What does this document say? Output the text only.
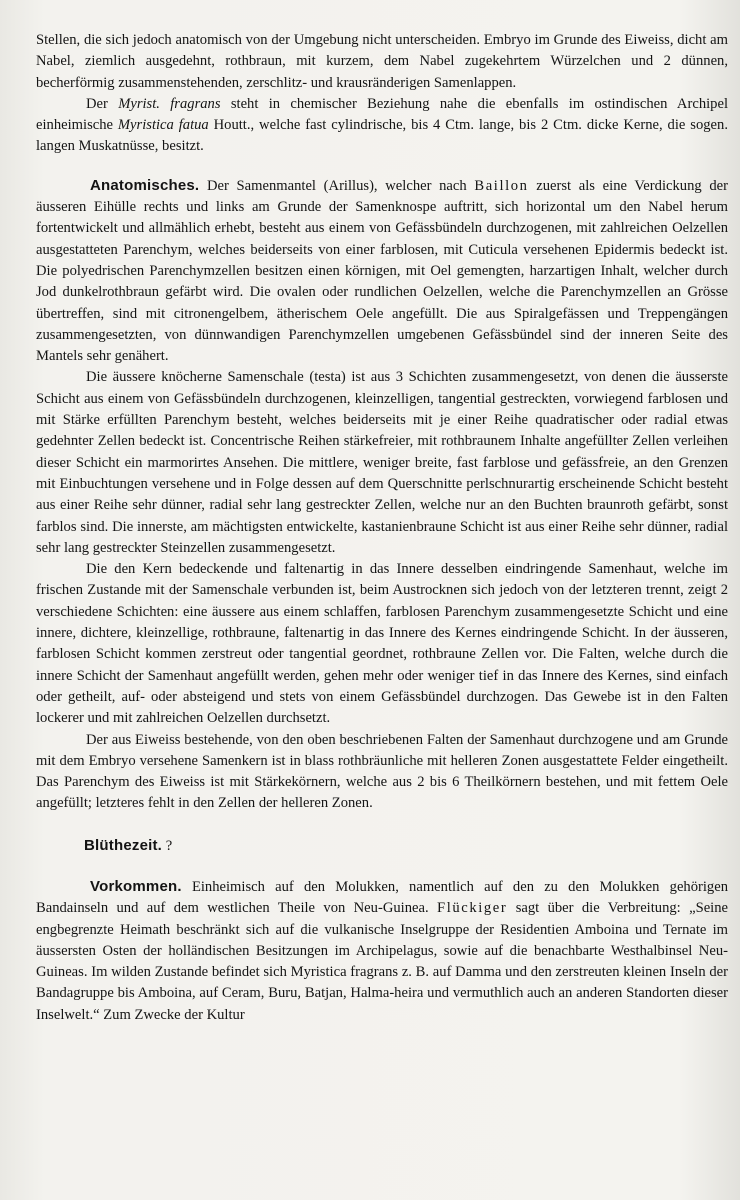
Stellen, die sich jedoch anatomisch von der Umgebung nicht unterscheiden. Embryo im Grunde des Eiweiss, dicht am Nabel, ziemlich ausgedehnt, rothbraun, mit kurzem, dem Nabel zugekehrtem Würzelchen und 2 dünnen, becherförmig zusammenstehenden, zerschlitz- und krausränderigen Samenlappen.

Der Myrist. fragrans steht in chemischer Beziehung nahe die ebenfalls im ostindischen Archipel einheimische Myristica fatua Houtt., welche fast cylindrische, bis 4 Ctm. lange, bis 2 Ctm. dicke Kerne, die sogen. langen Muskatnüsse, besitzt.

Anatomisches. Der Samenmantel (Arillus), welcher nach Baillon zuerst als eine Verdickung der äusseren Eihülle rechts und links am Grunde der Samenknospe auftritt, sich horizontal um den Nabel herum fortentwickelt und allmählich erhebt, besteht aus einem von Gefässbündeln durchzogenen, mit zahlreichen Oelzellen ausgestatteten Parenchym, welches beiderseits von einer farblosen, mit Cuticula versehenen Epidermis bedeckt ist. Die polyedrischen Parenchymzellen besitzen einen körnigen, mit Oel gemengten, harzartigen Inhalt, welcher durch Jod dunkelrothbraun gefärbt wird. Die ovalen oder rundlichen Oelzellen, welche die Parenchymzellen an Grösse übertreffen, sind mit citronengelbem, ätherischem Oele angefüllt. Die aus Spiralgefässen und Treppengängen zusammengesetzten, von dünnwandigen Parenchymzellen umgebenen Gefässbündel sind der inneren Seite des Mantels sehr genähert.

Die äussere knöcherne Samenschale (testa) ist aus 3 Schichten zusammengesetzt, von denen die äusserste Schicht aus einem von Gefässbündeln durchzogenen, kleinzelligen, tangential gestreckten, vorwiegend farblosen und mit Stärke erfüllten Parenchym besteht, welches beiderseits mit je einer Reihe quadratischer oder radial etwas gedehnter Zellen bedeckt ist. Concentrische Reihen stärkefreier, mit rothbraunem Inhalte angefüllter Zellen verleihen dieser Schicht ein marmorirtes Ansehen. Die mittlere, weniger breite, fast farblose und gefässfreie, an den Grenzen mit Einbuchtungen versehene und in Folge dessen auf dem Querschnitte perlschnurartig erscheinende Schicht besteht aus einer Reihe sehr dünner, radial sehr lang gestreckter Zellen, welche nur an den Buchten braunroth gefärbt, sonst farblos sind. Die innerste, am mächtigsten entwickelte, kastanienbraune Schicht ist aus einer Reihe sehr dünner, radial sehr lang gestreckter Steinzellen zusammengesetzt.

Die den Kern bedeckende und faltenartig in das Innere desselben eindringende Samenhaut, welche im frischen Zustande mit der Samenschale verbunden ist, beim Austrocknen sich jedoch von der letzteren trennt, zeigt 2 verschiedene Schichten: eine äussere aus einem schlaffen, farblosen Parenchym zusammengesetzte Schicht und eine innere, dichtere, kleinzellige, rothbraune, faltenartig in das Innere des Kernes eindringende Schicht. In der äusseren, farblosen Schicht kommen zerstreut oder tangential geordnet, rothbraune Zellen vor. Die Falten, welche durch die innere Schicht der Samenhaut angefüllt werden, gehen mehr oder weniger tief in das Innere des Kernes, sind einfach oder getheilt, auf- oder absteigend und stets von einem Gefässbündel durchzogen. Das Gewebe ist in den Falten lockerer und mit zahlreichen Oelzellen durchsetzt.

Der aus Eiweiss bestehende, von den oben beschriebenen Falten der Samenhaut durchzogene und am Grunde mit dem Embryo versehene Samenkern ist in blass rothbräunliche mit helleren Zonen ausgestattete Felder eingetheilt. Das Parenchym des Eiweiss ist mit Stärkekörnern, welche aus 2 bis 6 Theilkörnern bestehen, und mit fettem Oele angefüllt; letzteres fehlt in den Zellen der helleren Zonen.

Blüthezeit. ?

Vorkommen. Einheimisch auf den Molukken, namentlich auf den zu den Molukken gehörigen Bandainseln und auf dem westlichen Theile von Neu-Guinea. Flückiger sagt über die Verbreitung: „Seine engbegrenzte Heimath beschränkt sich auf die vulkanische Inselgruppe der Residentien Amboina und Ternate im äussersten Osten der holländischen Besitzungen im Archipelagus, sowie auf die benachbarte Westhalbinsel Neu-Guineas. Im wilden Zustande befindet sich Myristica fragrans z. B. auf Damma und den zerstreuten kleinen Inseln der Bandagruppe bis Amboina, auf Ceram, Buru, Batjan, Halma-heira und vermuthlich auch an anderen Standorten dieser Inselwelt.“ Zum Zwecke der Kultur
